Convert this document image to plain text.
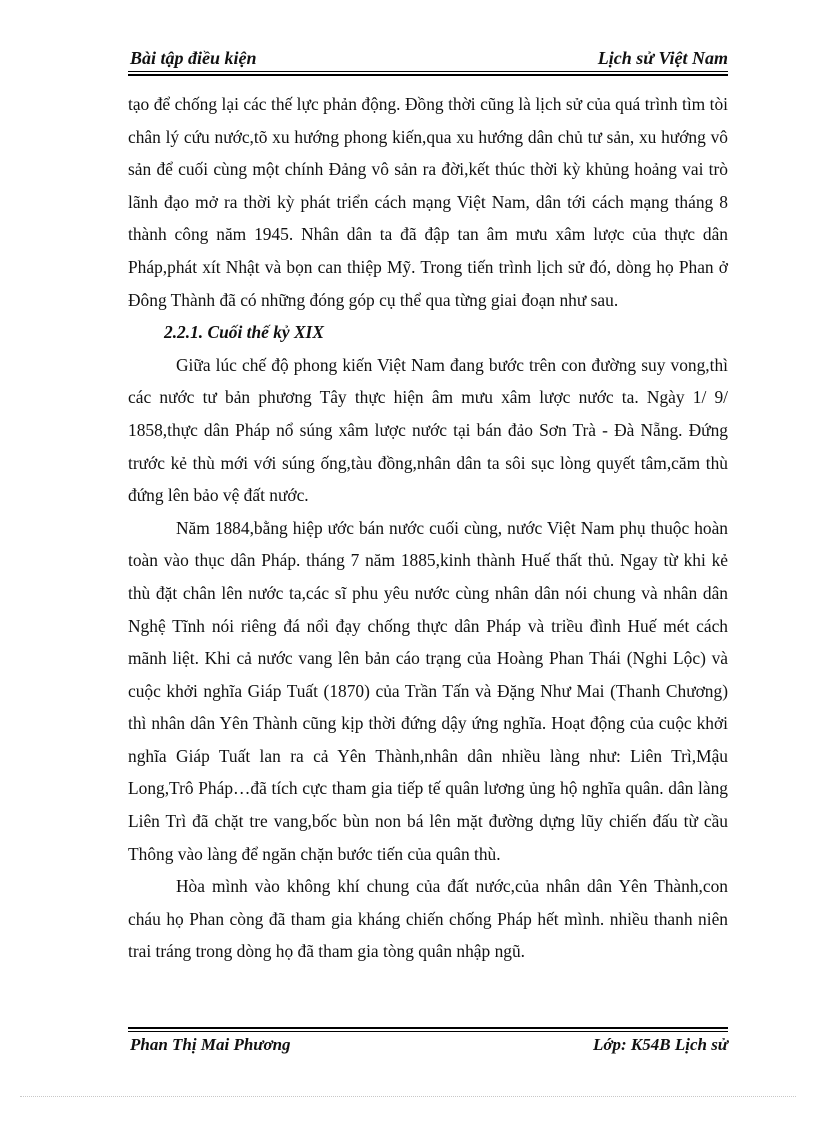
Bài tập điều kiện	Lịch sử Việt Nam

tạo để chống lại các thế lực phản động. Đồng thời cũng là lịch sử của quá trình tìm tòi chân lý cứu nước,tõ xu hướng phong kiến,qua xu hướng dân chủ tư sản, xu hướng vô sản để cuối cùng một chính Đảng vô sản ra đời,kết thúc thời kỳ khủng hoảng vai trò lãnh đạo mở ra thời kỳ phát triển cách mạng Việt Nam, dân tới cách mạng tháng 8 thành công năm 1945. Nhân dân ta đã đập tan âm mưu xâm lược của thực dân Pháp,phát xít Nhật và bọn can thiệp Mỹ. Trong tiến trình lịch sử đó, dòng họ Phan ở Đông Thành đã có những đóng góp cụ thể qua từng giai đoạn như sau.

2.2.1. Cuối thế kỷ XIX

Giữa lúc chế độ phong kiến Việt Nam đang bước trên con đường suy vong,thì các nước tư bản phương Tây thực hiện âm mưu xâm lược nước ta. Ngày 1/ 9/ 1858,thực dân Pháp nổ súng xâm lược nước tại bán đảo Sơn Trà - Đà Nẵng. Đứng trước kẻ thù mới với súng ống,tàu đồng,nhân dân ta sôi sục lòng quyết tâm,căm thù đứng lên bảo vệ đất nước.

Năm 1884,bằng hiệp ước bán nước cuối cùng, nước Việt Nam phụ thuộc hoàn toàn vào thục dân Pháp. tháng 7 năm 1885,kinh thành Huế thất thủ. Ngay từ khi kẻ thù đặt chân lên nước ta,các sĩ phu yêu nước cùng nhân dân nói chung và nhân dân Nghệ Tĩnh nói riêng đá nổi đạy chống thực dân Pháp và triều đình Huế mét cách mãnh liệt. Khi cả nước vang lên bản cáo trạng của Hoàng Phan Thái (Nghi Lộc) và cuộc khởi nghĩa Giáp Tuất (1870) của Trần Tấn và Đặng Như Mai (Thanh Chương) thì nhân dân Yên Thành cũng kịp thời đứng dậy ứng nghĩa. Hoạt động của cuộc khởi nghĩa Giáp Tuất lan ra cả Yên Thành,nhân dân nhiều làng như: Liên Trì,Mậu Long,Trô Pháp…đã tích cực tham gia tiếp tế quân lương ủng hộ nghĩa quân. dân làng Liên Trì đã chặt tre vang,bốc bùn non bá lên mặt đường dựng lũy chiến đấu từ cầu Thông vào làng để ngăn chặn bước tiến của quân thù.

Hòa mình vào không khí chung của đất nước,của nhân dân Yên Thành,con cháu họ Phan còng đã tham gia kháng chiến chống Pháp hết mình. nhiều thanh niên trai tráng trong dòng họ đã tham gia tòng quân nhập ngũ.

Phan Thị Mai Phương	Lớp: K54B Lịch sử
